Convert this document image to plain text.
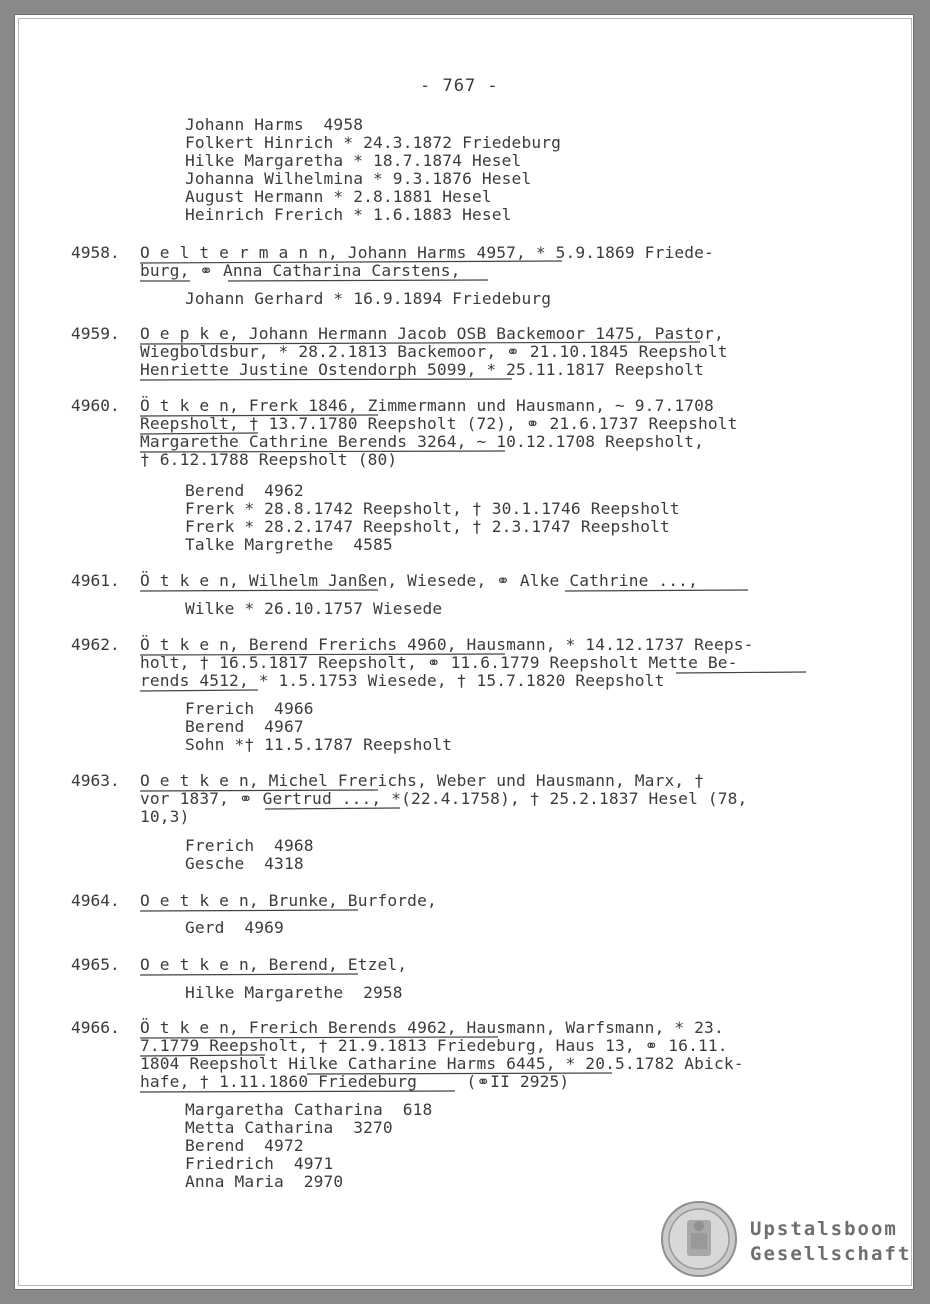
- 767 -
Johann Harms  4958
Folkert Hinrich * 24.3.1872 Friedeburg
Hilke Margaretha * 18.7.1874 Hesel
Johanna Wilhelmina * 9.3.1876 Hesel
August Hermann * 2.8.1881 Hesel
Heinrich Frerich * 1.6.1883 Hesel
4958. O e l t e r m a n n, Johann Harms 4957, * 5.9.1869 Friede-
burg, ⚭ Anna Catharina Carstens,
Johann Gerhard * 16.9.1894 Friedeburg
4959. O e p k e, Johann Hermann Jacob OSB Backemoor 1475, Pastor,
Wiegboldsbur, * 28.2.1813 Backemoor, ⚭ 21.10.1845 Reepsholt
Henriette Justine Ostendorph 5099, * 25.11.1817 Reepsholt
4960. Ö t k e n, Frerk 1846, Zimmermann und Hausmann, ~ 9.7.1708
Reepsholt, † 13.7.1780 Reepsholt (72), ⚭ 21.6.1737 Reepsholt
Margarethe Cathrine Berends 3264, ~ 10.12.1708 Reepsholt,
† 6.12.1788 Reepsholt (80)
Berend  4962
Frerk * 28.8.1742 Reepsholt, † 30.1.1746 Reepsholt
Frerk * 28.2.1747 Reepsholt, † 2.3.1747 Reepsholt
Talke Margrethe  4585
4961. Ö t k e n, Wilhelm Janßen, Wiesede, ⚭ Alke Cathrine ...,
Wilke * 26.10.1757 Wiesede
4962. Ö t k e n, Berend Frerichs 4960, Hausmann, * 14.12.1737 Reeps-
holt, † 16.5.1817 Reepsholt, ⚭ 11.6.1779 Reepsholt Mette Be-
rends 4512, * 1.5.1753 Wiesede, † 15.7.1820 Reepsholt
Frerich  4966
Berend  4967
Sohn *† 11.5.1787 Reepsholt
4963. O e t k e n, Michel Frerichs, Weber und Hausmann, Marx, †
vor 1837, ⚭ Gertrud ..., *(22.4.1758), † 25.2.1837 Hesel (78,
10,3)
Frerich  4968
Gesche  4318
4964. O e t k e n, Brunke, Burforde,
Gerd  4969
4965. O e t k e n, Berend, Etzel,
Hilke Margarethe  2958
4966. Ö t k e n, Frerich Berends 4962, Hausmann, Warfsmann, * 23.
7.1779 Reepsholt, † 21.9.1813 Friedeburg, Haus 13, ⚭ 16.11.
1804 Reepsholt Hilke Catharine Harms 6445, * 20.5.1782 Abick-
hafe, † 1.11.1860 Friedeburg     (⚭II 2925)
Margaretha Catharina  618
Metta Catharina  3270
Berend  4972
Friedrich  4971
Anna Maria  2970
Upstalsboom
Gesellschaft
